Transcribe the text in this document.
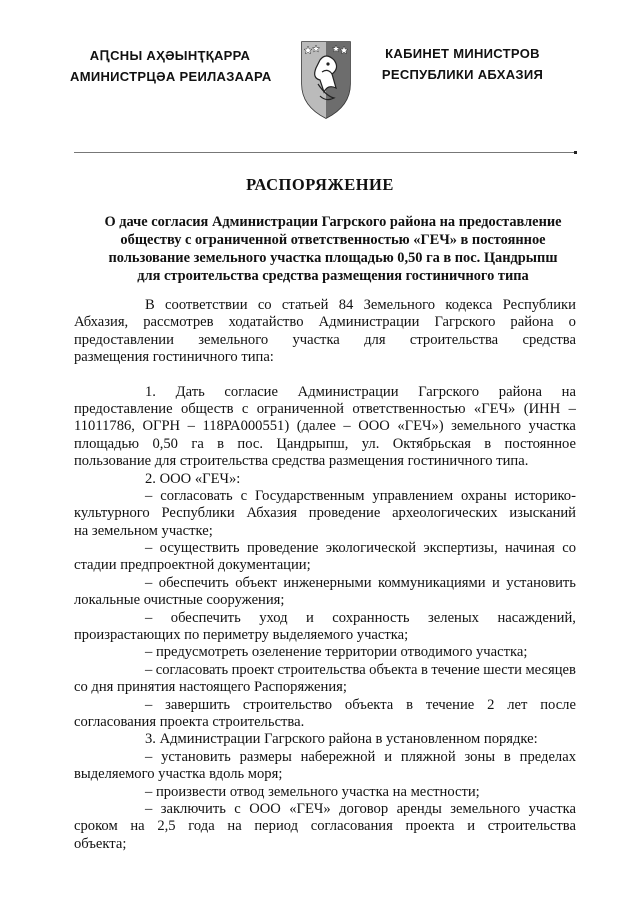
АԤСНЫ АҲӘЫНҬҚАРРА
АМИНИСТРЦӘА РЕИЛАЗААРА
КАБИНЕТ МИНИСТРОВ
РЕСПУБЛИКИ АБХАЗИЯ
РАСПОРЯЖЕНИЕ
О даче согласия Администрации Гагрского района на предоставление
обществу с ограниченной ответственностью «ГЕЧ» в постоянное
пользование земельного участка площадью 0,50 га в пос. Цандрыпш
для строительства средства размещения гостиничного типа
В соответствии со статьей 84 Земельного кодекса Республики
Абхазия, рассмотрев ходатайство Администрации Гагрского района о
предоставлении земельного участка для строительства средства
размещения гостиничного типа:
1. Дать согласие Администрации Гагрского района на
предоставление обществ с ограниченной ответственностью «ГЕЧ» (ИНН –
11011786, ОГРН – 118РА000551) (далее – ООО «ГЕЧ») земельного участка
площадью 0,50 га в пос. Цандрыпш, ул. Октябрьская в постоянное
пользование для строительства средства размещения гостиничного типа.
2. ООО «ГЕЧ»:
– согласовать с Государственным управлением охраны историко-
культурного Республики Абхазия проведение археологических изысканий
на земельном участке;
– осуществить проведение экологической экспертизы, начиная со
стадии предпроектной документации;
– обеспечить объект инженерными коммуникациями и установить
локальные очистные сооружения;
– обеспечить уход и сохранность зеленых насаждений,
произрастающих по периметру выделяемого участка;
– предусмотреть озеленение территории отводимого участка;
– согласовать проект строительства объекта в течение шести месяцев
со дня принятия настоящего Распоряжения;
– завершить строительство объекта в течение 2 лет после
согласования проекта строительства.
3. Администрации Гагрского района в установленном порядке:
– установить размеры набережной и пляжной зоны в пределах
выделяемого участка вдоль моря;
– произвести отвод земельного участка на местности;
– заключить с ООО «ГЕЧ» договор аренды земельного участка
сроком на 2,5 года на период согласования проекта и строительства
объекта;
